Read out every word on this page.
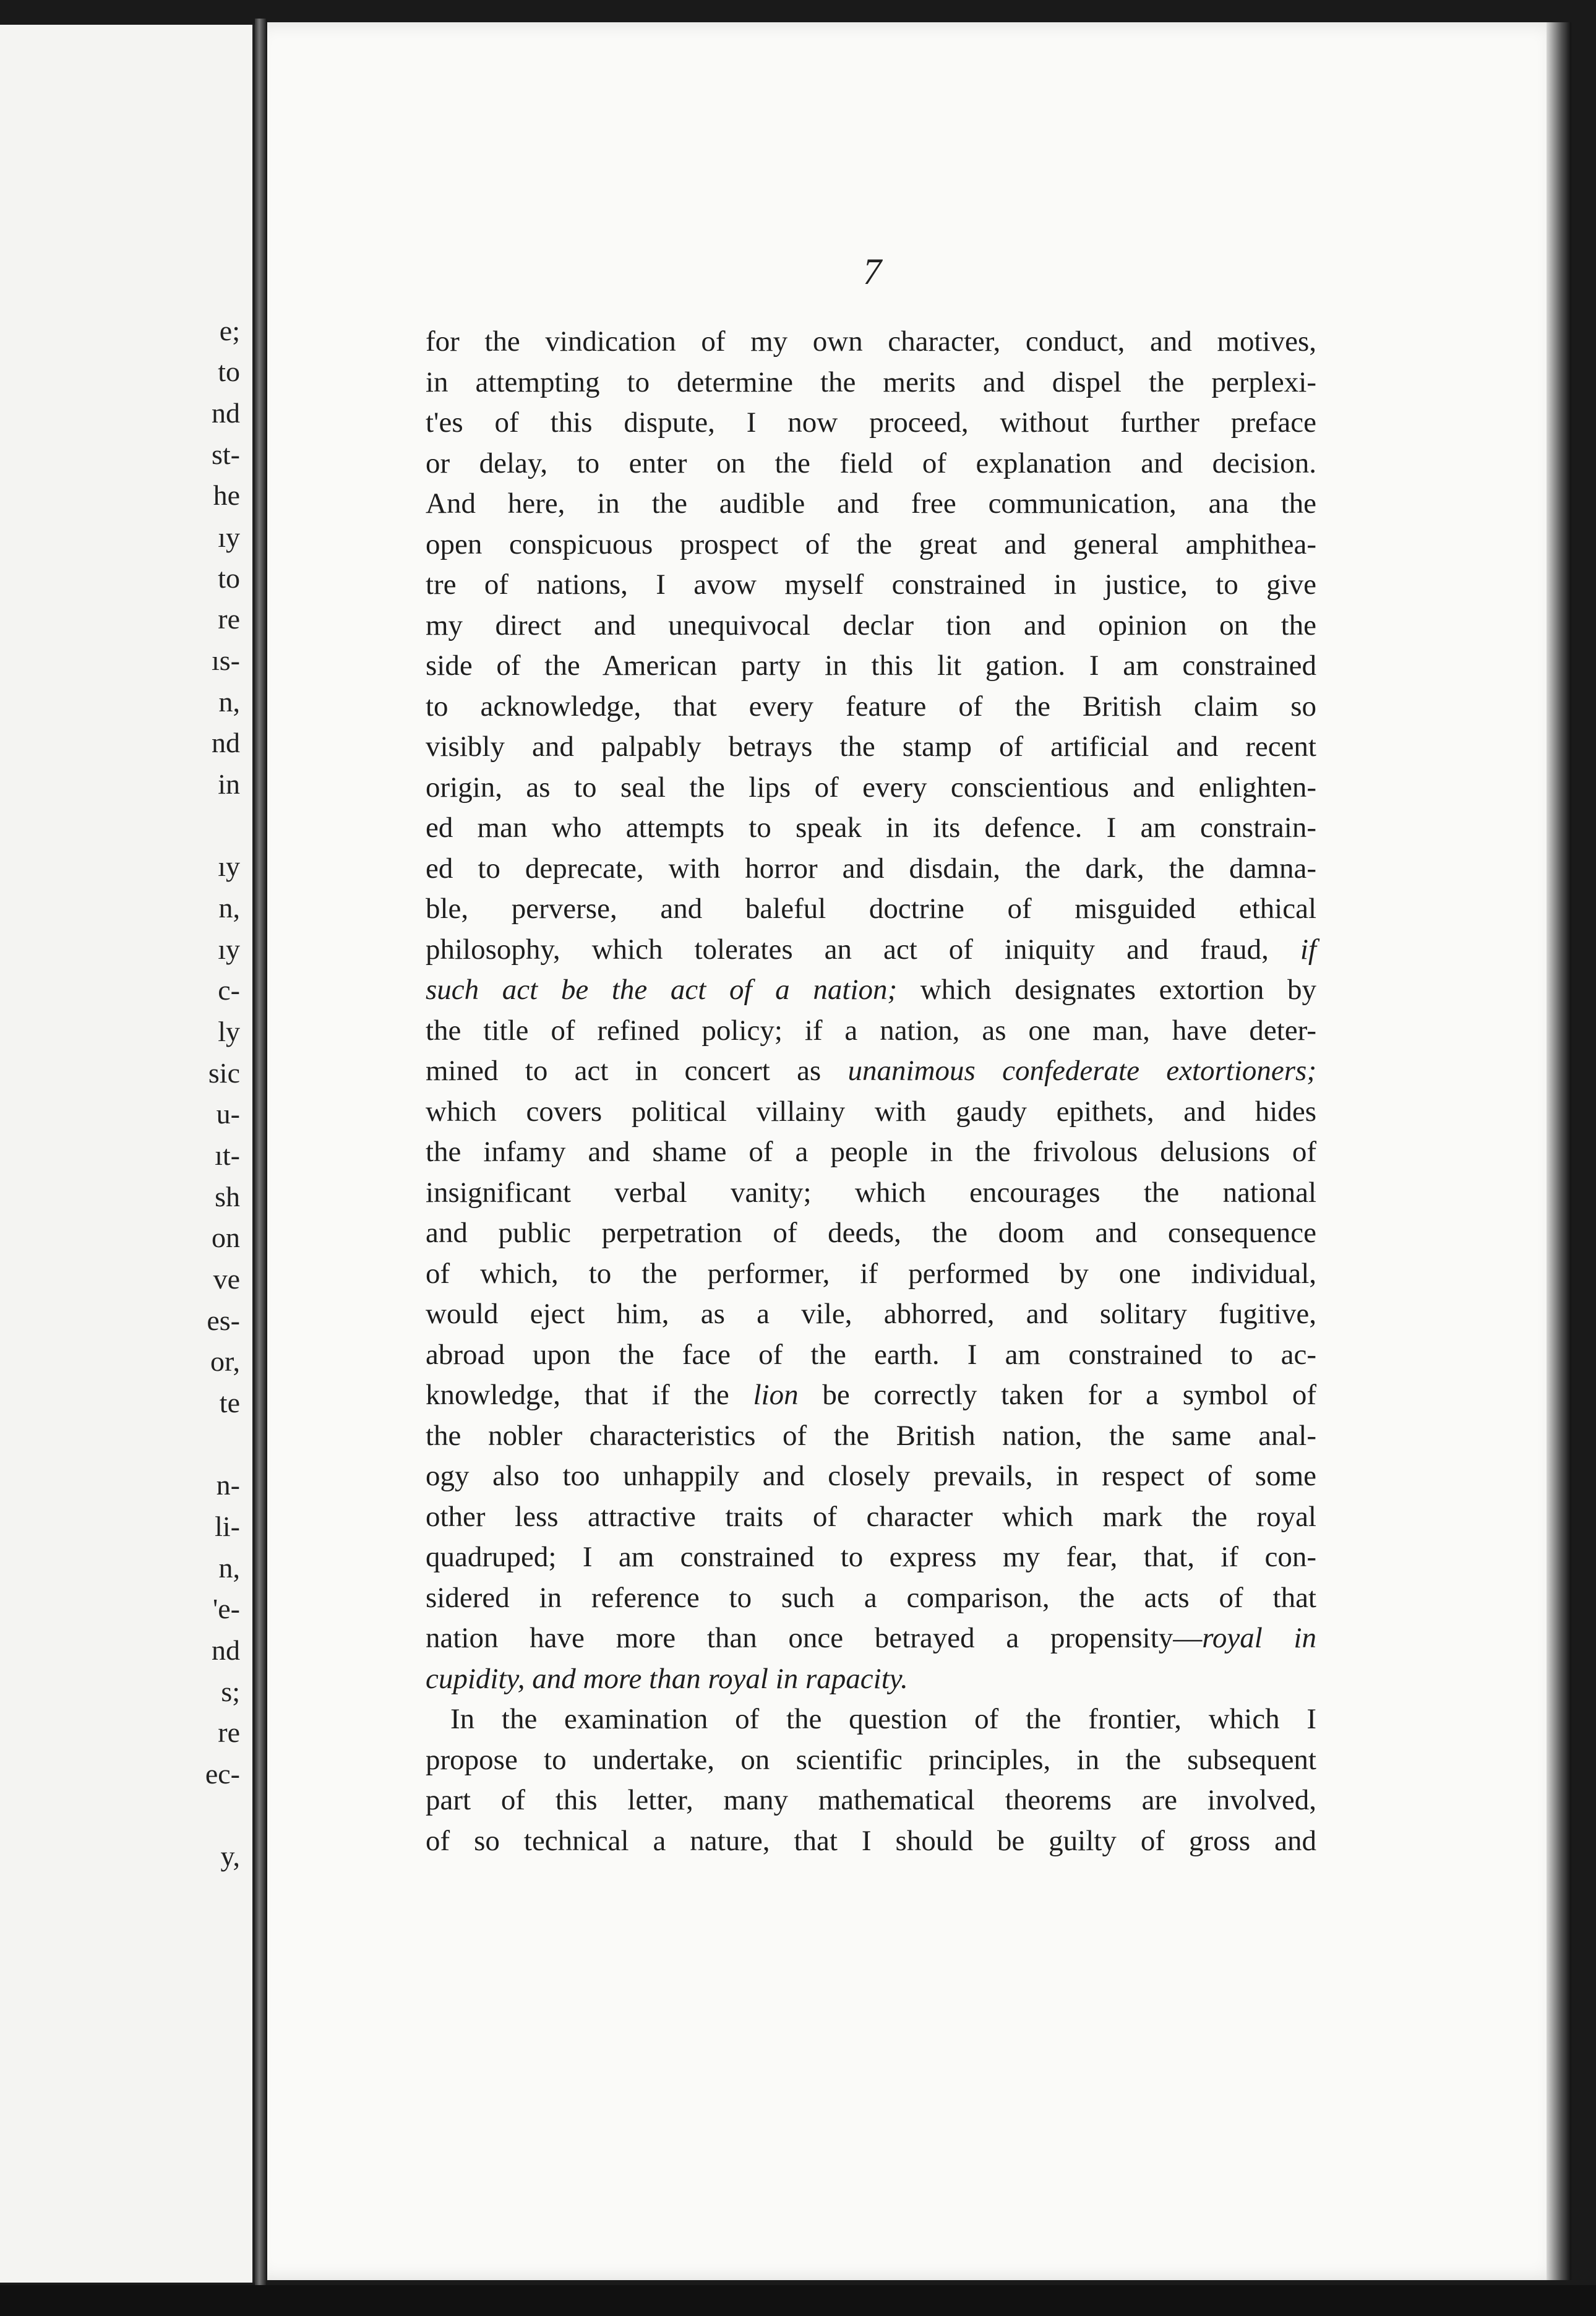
e;
to
nd
st-
he
ıy
to
re
ıs-
n,
nd
in
ıy
n,
ıy
c-
ly
sic
u-
ıt-
sh
on
ve
es-
or,
te
n-
li-
n,
'e-
nd
s;
re
ec-
y,
7
for the vindication of my own character, conduct, and motives,
in attempting to determine the merits and dispel the perplexi-
t'es of this dispute, I now proceed, without further preface
or delay, to enter on the field of explanation and decision.
And here, in the audible and free communication, ana the
open conspicuous prospect of the great and general amphithea-
tre of nations, I avow myself constrained in justice, to give
my direct and unequivocal declar tion and opinion on the
side of the American party in this lit gation. I am constrained
to acknowledge, that every feature of the British claim so
visibly and palpably betrays the stamp of artificial and recent
origin, as to seal the lips of every conscientious and enlighten-
ed man who attempts to speak in its defence. I am constrain-
ed to deprecate, with horror and disdain, the dark, the damna-
ble, perverse, and baleful doctrine of misguided ethical
philosophy, which tolerates an act of iniquity and fraud, if
such act be the act of a nation; which designates extortion by
the title of refined policy; if a nation, as one man, have deter-
mined to act in concert as unanimous confederate extortioners;
which covers political villainy with gaudy epithets, and hides
the infamy and shame of a people in the frivolous delusions of
insignificant verbal vanity; which encourages the national
and public perpetration of deeds, the doom and consequence
of which, to the performer, if performed by one individual,
would eject him, as a vile, abhorred, and solitary fugitive,
abroad upon the face of the earth. I am constrained to ac-
knowledge, that if the lion be correctly taken for a symbol of
the nobler characteristics of the British nation, the same anal-
ogy also too unhappily and closely prevails, in respect of some
other less attractive traits of character which mark the royal
quadruped; I am constrained to express my fear, that, if con-
sidered in reference to such a comparison, the acts of that
nation have more than once betrayed a propensity—royal in
cupidity, and more than royal in rapacity.
In the examination of the question of the frontier, which I
propose to undertake, on scientific principles, in the subsequent
part of this letter, many mathematical theorems are involved,
of so technical a nature, that I should be guilty of gross and
